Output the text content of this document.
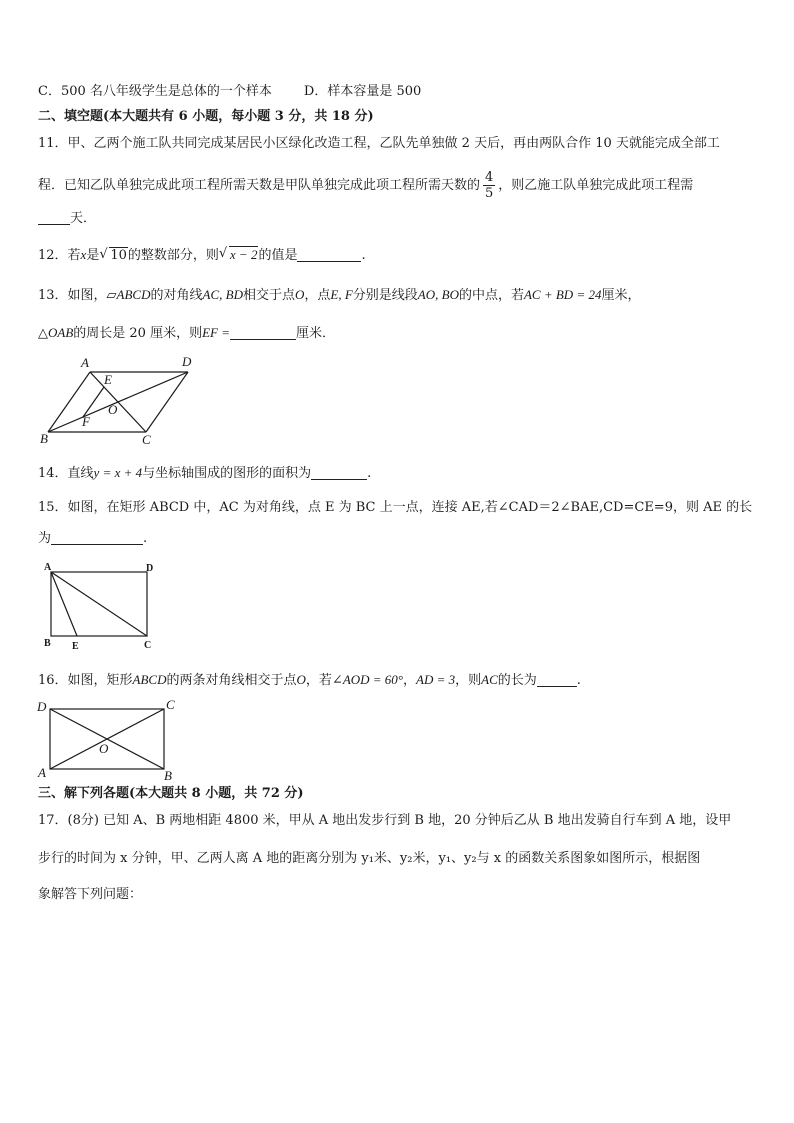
C．500 名八年级学生是总体的一个样本 D．样本容量是 500
二、填空题(本大题共有 6 小题，每小题 3 分，共 18 分)
11．甲、乙两个施工队共同完成某居民小区绿化改造工程，乙队先单独做 2 天后，再由两队合作 10 天就能完成全部工
程．已知乙队单独完成此项工程所需天数是甲队单独完成此项工程所需天数的 $\frac{4}{5}$ ，则乙施工队单独完成此项工程需
天．
12．若x是 √ 10的整数部分，则 √ x − 2的值是	.
13．如图，▱ABCD的对角线AC, BD相交于点O，点E, F分别是线段AO, BO的中点，若AC + BD = 24厘米，
△OAB的周长是 20 厘米，则EF =	厘米．
A	D
E
O
F
B	C
14．直线y = x + 4与坐标轴围成的图形的面积为	.
15．如图，在矩形 ABCD 中，AC 为对角线，点 E 为 BC 上一点，连接 AE,若∠CAD＝2∠BAE,CD=CE=9，则 AE 的长
为	.
A	D
B E	C
16．如图，矩形ABCD的两条对角线相交于点O，若∠AOD = 60°，AD = 3，则AC的长为	.
D	C
O
A	B
三、解下列各题(本大题共 8 小题，共 72 分)
17．(8分) 已知 A、B 两地相距 4800 米，甲从 A 地出发步行到 B 地，20 分钟后乙从 B 地出发骑自行车到 A 地，设甲
步行的时间为 x 分钟，甲、乙两人离 A 地的距离分别为 y₁米、y₂米，y₁、y₂与 x 的函数关系图象如图所示，根据图
象解答下列问题：
